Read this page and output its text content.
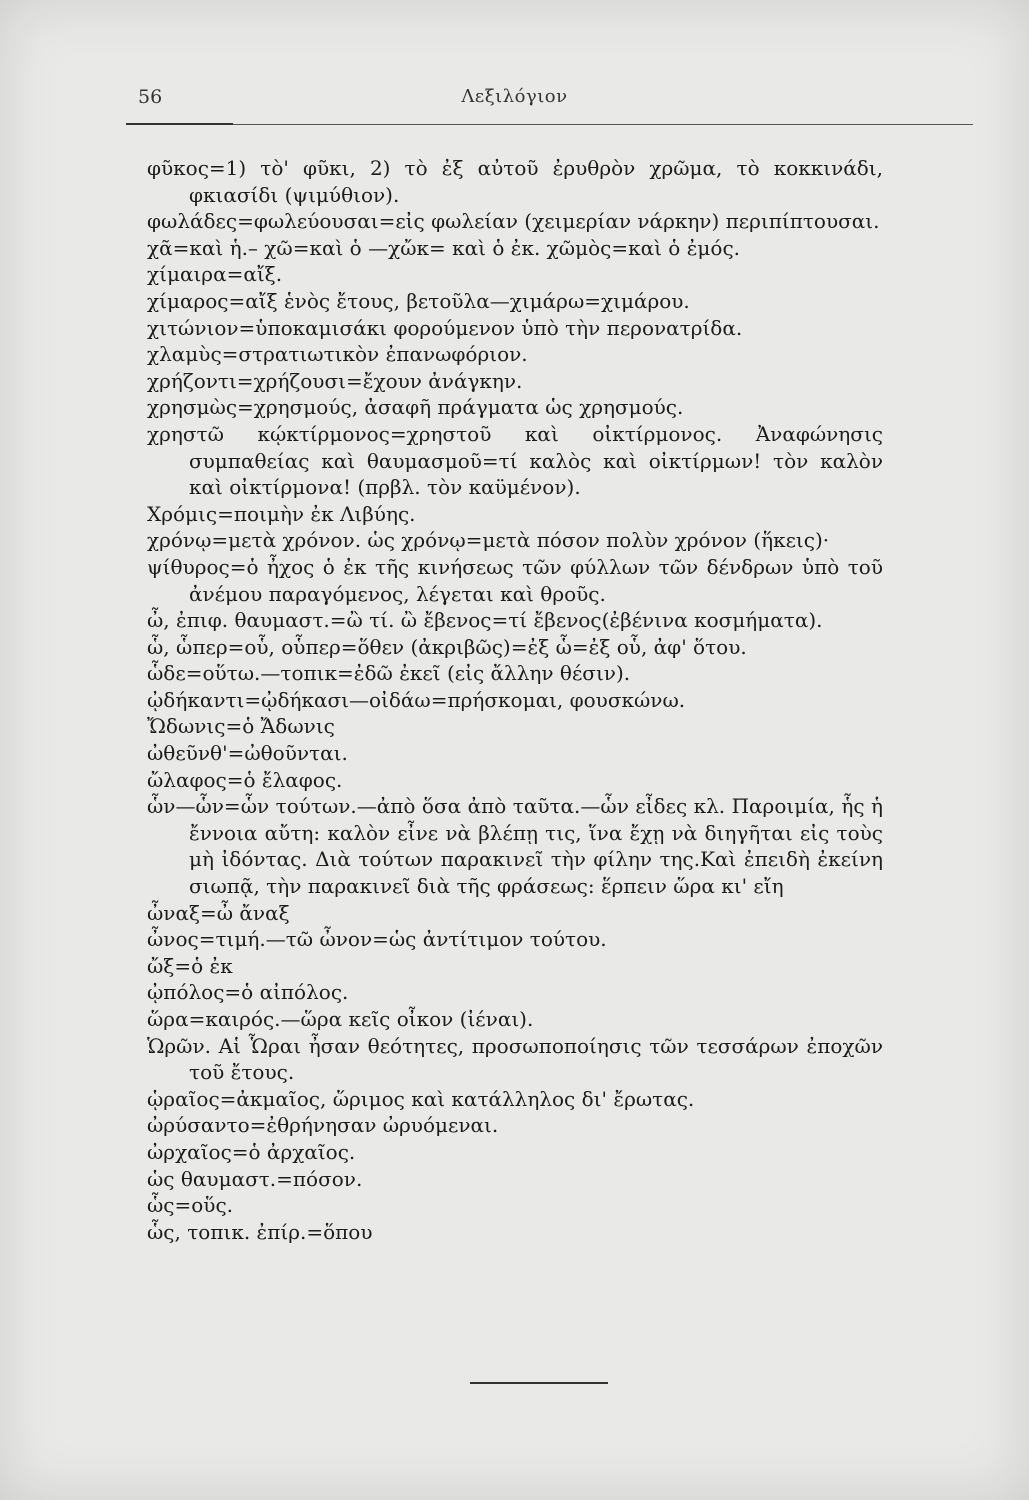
56	Λεξιλόγιον
φῦκος=1) τὸ' φῦκι, 2) τὸ ἐξ αὐτοῦ ἐρυθρὸν χρῶμα, τὸ κοκκινάδι, φκιασίδι (ψιμύθιον).
φωλάδες=φωλεύουσαι=εἰς φωλείαν (χειμερίαν νάρκην) περιπίπτουσαι.
χᾶ=καὶ ἡ.– χῶ=καὶ ὁ —χὤκ= καὶ ὁ ἐκ. χῶμὸς=καὶ ὁ ἐμός.
χίμαιρα=αἴξ.
χίμαρος=αἴξ ἑνὸς ἔτους, βετοῦλα—χιμάρω=χιμάρου.
χιτώνιον=ὑποκαμισάκι φορούμενον ὑπὸ τὴν περονατρίδα.
χλαμὺς=στρατιωτικὸν ἐπανωφόριον.
χρήζοντι=χρήζουσι=ἔχουν ἀνάγκην.
χρησμὼς=χρησμούς, ἀσαφῆ πράγματα ὡς χρησμούς.
χρηστῶ κῴκτίρμονος=χρηστοῦ καὶ οἰκτίρμονος. Ἀναφώνησις συμπαθείας καὶ θαυμασμοῦ=τί καλὸς καὶ οἰκτίρμων! τὸν καλὸν καὶ οἰκτίρμονα! (πρβλ. τὸν καϋμένον).
Χρόμις=ποιμὴν ἐκ Λιβύης.
χρόνῳ=μετὰ χρόνον. ὡς χρόνῳ=μετὰ πόσον πολὺν χρόνον (ἥκεις)·
ψίθυρος=ὁ ἦχος ὁ ἐκ τῆς κινήσεως τῶν φύλλων τῶν δένδρων ὑπὸ τοῦ ἀνέμου παραγόμενος, λέγεται καὶ θροῦς.
ὦ, ἐπιφ. θαυμαστ.=ὢ τί. ὢ ἔβενος=τί ἔβενος(ἐβένινα κοσμήματα).
ὧ, ὧπερ=οὗ, οὗπερ=ὅθεν (ἀκριβῶς)=ἐξ ὧ=ἐξ οὗ, ἀφ' ὅτου.
ὧδε=οὕτω.—τοπικ=ἐδῶ ἐκεῖ (εἰς ἄλλην θέσιν).
ᾠδήκαντι=ᾠδήκασι—οἰδάω=πρήσκομαι, φουσκώνω.
Ὤδωνις=ὁ Ἄδωνις
ὠθεῦνθ'=ὠθοῦνται.
ὤλαφος=ὁ ἔλαφος.
ὧν—ὧν=ὧν τούτων.—ἀπὸ ὅσα ἀπὸ ταῦτα.—ὧν εἶδες κλ. Παροιμία, ἧς ἡ ἔννοια αὔτη: καλὸν εἶνε νὰ βλέπῃ τις, ἵνα ἔχῃ νὰ διηγῆται εἰς τοὺς μὴ ἰδόντας. Διὰ τούτων παρακινεῖ τὴν φίλην της.Καὶ ἐπειδὴ ἐκείνη σιωπᾷ, τὴν παρακινεῖ διὰ τῆς φράσεως: ἕρπειν ὥρα κι' εἴη
ὦναξ=ὦ ἄναξ
ὦνος=τιμή.—τῶ ὦνον=ὡς ἀντίτιμον τούτου.
ὤξ=ὁ ἐκ
ᾠπόλος=ὁ αἰπόλος.
ὥρα=καιρός.—ὥρα κεῖς οἶκον (ἰέναι).
Ὡρῶν. Αἱ Ὧραι ἦσαν θεότητες, προσωποποίησις τῶν τεσσάρων ἐποχῶν τοῦ ἔτους.
ᾡραῖος=ἀκμαῖος, ὥριμος καὶ κατάλληλος δι' ἔρωτας.
ὠρύσαντο=ἐθρήνησαν ὠρυόμεναι.
ὠρχαῖος=ὁ ἀρχαῖος.
ὡς θαυμαστ.=πόσον.
ὧς=οὕς.
ὧς, τοπικ. ἐπίρ.=ὅπου
